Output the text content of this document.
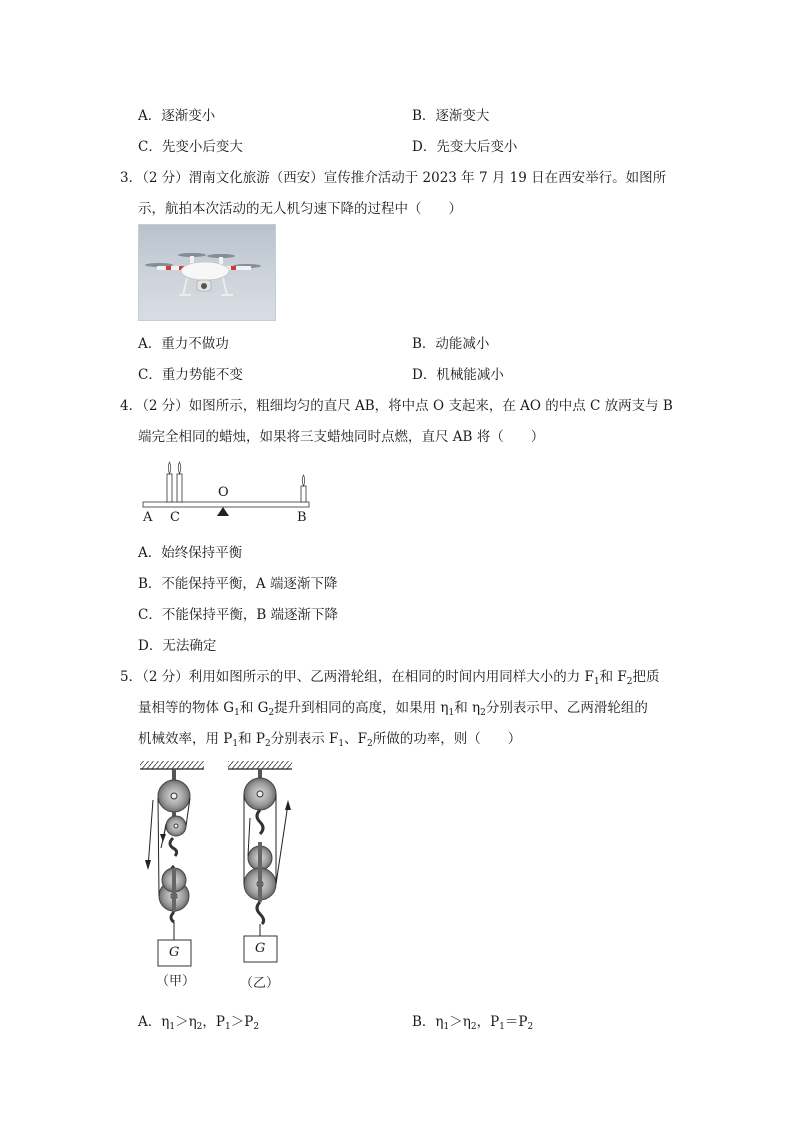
A．逐渐变小	B．逐渐变大
C．先变小后变大	D．先变大后变小
3．（2 分）渭南文化旅游（西安）宣传推介活动于 2023 年 7 月 19 日在西安举行。如图所
示，航拍本次活动的无人机匀速下降的过程中（　　）
A．重力不做功	B．动能减小
C．重力势能不变	D．机械能减小
4．（2 分）如图所示，粗细均匀的直尺 AB，将中点 O 支起来，在 AO 的中点 C 放两支与 B
端完全相同的蜡烛，如果将三支蜡烛同时点燃，直尺 AB 将（　　）
A C
O
B
A．始终保持平衡
B．不能保持平衡，A 端逐渐下降
C．不能保持平衡，B 端逐渐下降
D．无法确定
5．（2 分）利用如图所示的甲、乙两滑轮组，在相同的时间内用同样大小的力 $F_1$和 $F_2$把质
量相等的物体 $G_1$和 $G_2$提升到相同的高度，如果用 $\eta_1$和 $\eta_2$分别表示甲、乙两滑轮组的
机械效率，用 $P_1$和 $P_2$分别表示 $F_1$、$F_2$所做的功率，则（　　）
G	G
（甲）	（乙）
A．$\eta_1>\eta_2$，$P_1>P_2$	B．$\eta_1>\eta_2$，$P_1=P_2$
